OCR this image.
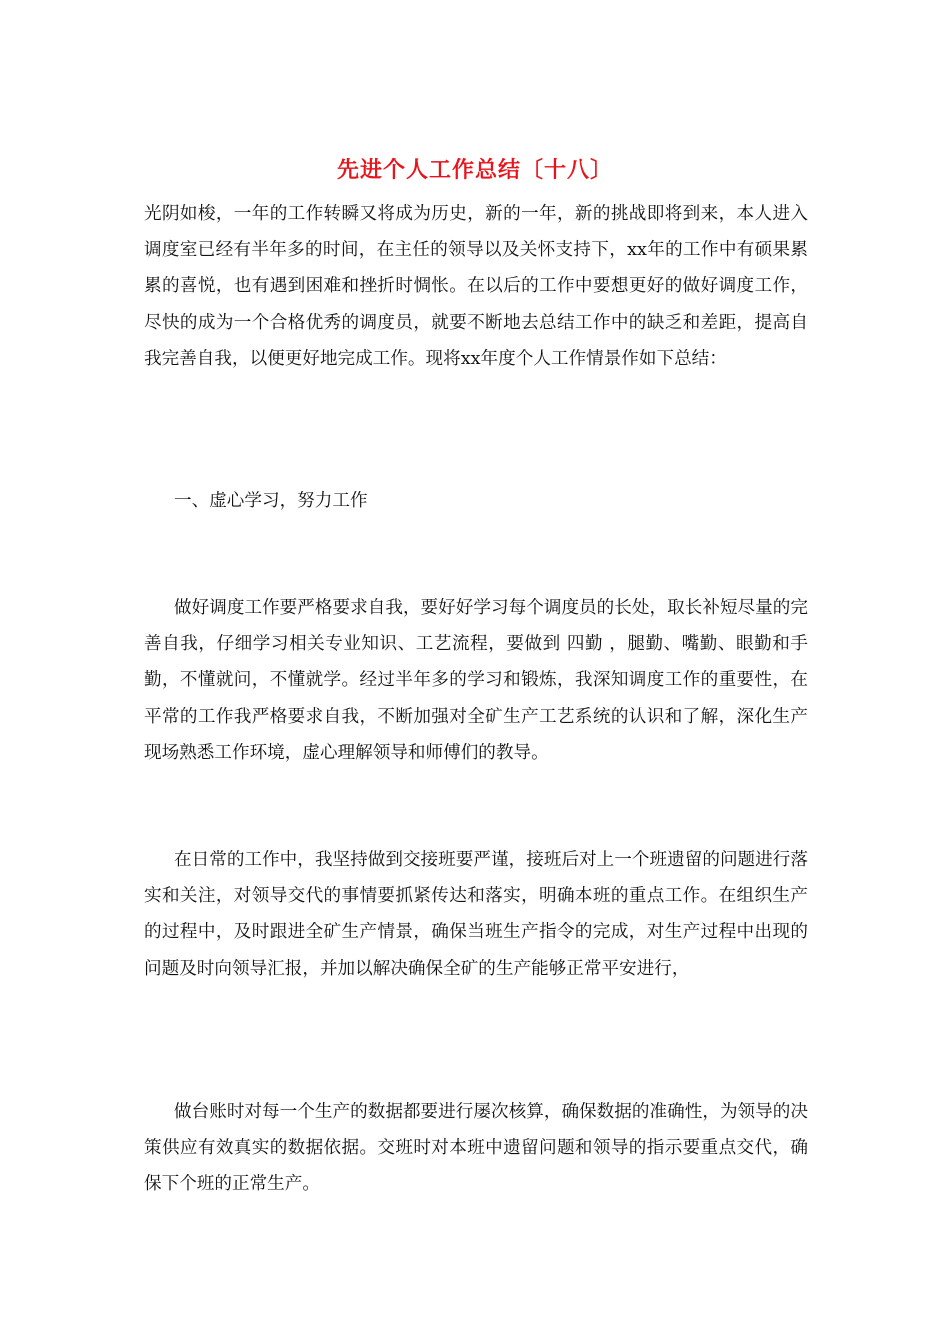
先进个人工作总结〔十八〕

光阴如梭，一年的工作转瞬又将成为历史，新的一年，新的挑战即将到来，本人进入调度室已经有半年多的时间，在主任的领导以及关怀支持下，xx年的工作中有硕果累累的喜悦，也有遇到困难和挫折时惆怅。在以后的工作中要想更好的做好调度工作，尽快的成为一个合格优秀的调度员，就要不断地去总结工作中的缺乏和差距，提高自我完善自我，以便更好地完成工作。现将xx年度个人工作情景作如下总结：

一、虚心学习，努力工作

做好调度工作要严格要求自我，要好好学习每个调度员的长处，取长补短尽量的完善自我，仔细学习相关专业知识、工艺流程，要做到 四勤 ，腿勤、嘴勤、眼勤和手勤，不懂就问，不懂就学。经过半年多的学习和锻炼，我深知调度工作的重要性，在平常的工作我严格要求自我，不断加强对全矿生产工艺系统的认识和了解，深化生产现场熟悉工作环境，虚心理解领导和师傅们的教导。

在日常的工作中，我坚持做到交接班要严谨，接班后对上一个班遗留的问题进行落实和关注，对领导交代的事情要抓紧传达和落实，明确本班的重点工作。在组织生产的过程中，及时跟进全矿生产情景，确保当班生产指令的完成，对生产过程中出现的问题及时向领导汇报，并加以解决确保全矿的生产能够正常平安进行，

做台账时对每一个生产的数据都要进行屡次核算，确保数据的准确性，为领导的决策供应有效真实的数据依据。交班时对本班中遗留问题和领导的指示要重点交代，确保下个班的正常生产。
